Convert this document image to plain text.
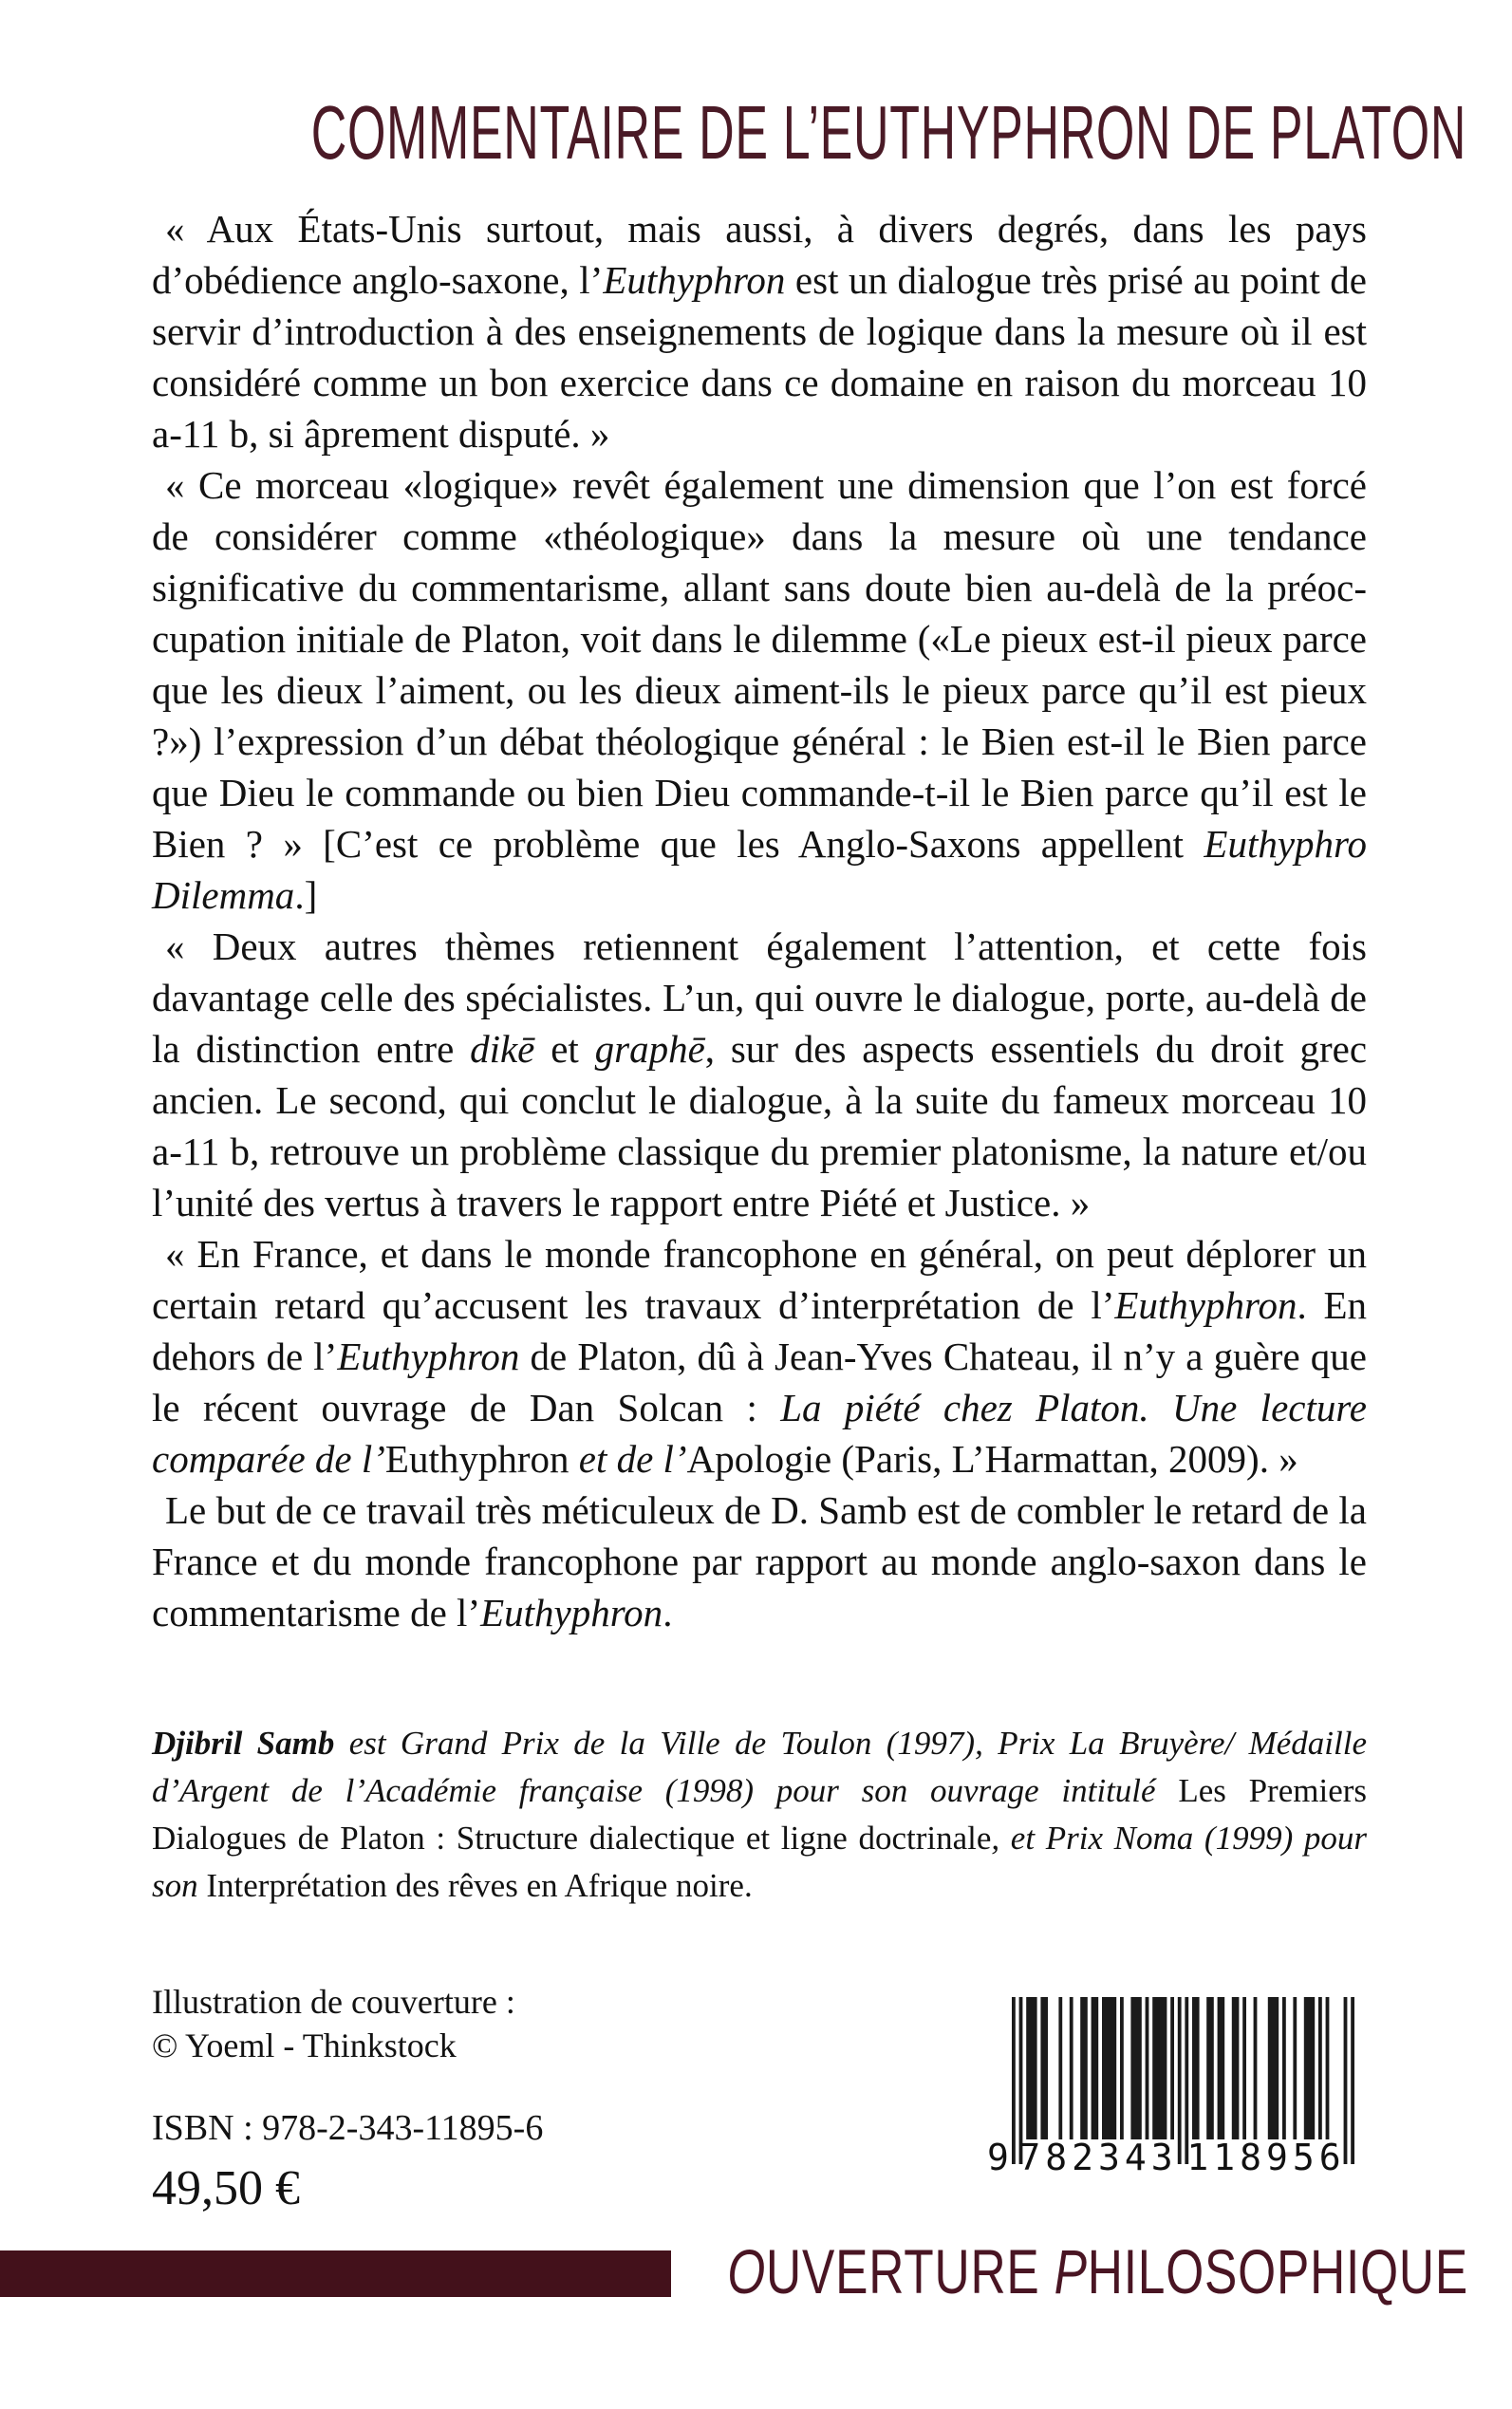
COMMENTAIRE DE L’EUTHYPHRON DE PLATON

« Aux États-Unis surtout, mais aussi, à divers degrés, dans les pays d’obédience anglo-saxone, l’Euthyphron est un dialogue très prisé au point de servir d’introduction à des enseignements de logique dans la mesure où il est considéré comme un bon exercice dans ce domaine en raison du morceau 10 a-11 b, si âprement disputé. »

« Ce morceau «logique» revêt également une dimension que l’on est forcé de considérer comme «théologique» dans la mesure où une tendance significative du commentarisme, allant sans doute bien au-delà de la préoc-cupation initiale de Platon, voit dans le dilemme («Le pieux est-il pieux parce que les dieux l’aiment, ou les dieux aiment-ils le pieux parce qu’il est pieux ?») l’expression d’un débat théologique général : le Bien est-il le Bien parce que Dieu le commande ou bien Dieu commande-t-il le Bien parce qu’il est le Bien ? » [C’est ce problème que les Anglo-Saxons appellent Euthyphro Dilemma.]

« Deux autres thèmes retiennent également l’attention, et cette fois davantage celle des spécialistes. L’un, qui ouvre le dialogue, porte, au-delà de la distinction entre dikē et graphē, sur des aspects essentiels du droit grec ancien. Le second, qui conclut le dialogue, à la suite du fameux morceau 10 a-11 b, retrouve un problème classique du premier platonisme, la nature et/ou l’unité des vertus à travers le rapport entre Piété et Justice. »

« En France, et dans le monde francophone en général, on peut déplorer un certain retard qu’accusent les travaux d’interprétation de l’Euthyphron. En dehors de l’Euthyphron de Platon, dû à Jean-Yves Chateau, il n’y a guère que le récent ouvrage de Dan Solcan : La piété chez Platon. Une lecture comparée de l’Euthyphron et de l’Apologie (Paris, L’Harmattan, 2009). »

Le but de ce travail très méticuleux de D. Samb est de combler le retard de la France et du monde francophone par rapport au monde anglo-saxon dans le commentarisme de l’Euthyphron.

Djibril Samb est Grand Prix de la Ville de Toulon (1997), Prix La Bruyère/ Médaille d’Argent de l’Académie française (1998) pour son ouvrage intitulé Les Premiers Dialogues de Platon : Structure dialectique et ligne doctrinale, et Prix Noma (1999) pour son Interprétation des rêves en Afrique noire.
Illustration de couverture :
© Yoeml - Thinkstock
ISBN : 978-2-343-11895-6
49,50 €
9 782343 118956
OUVERTURE PHILOSOPHIQUE
